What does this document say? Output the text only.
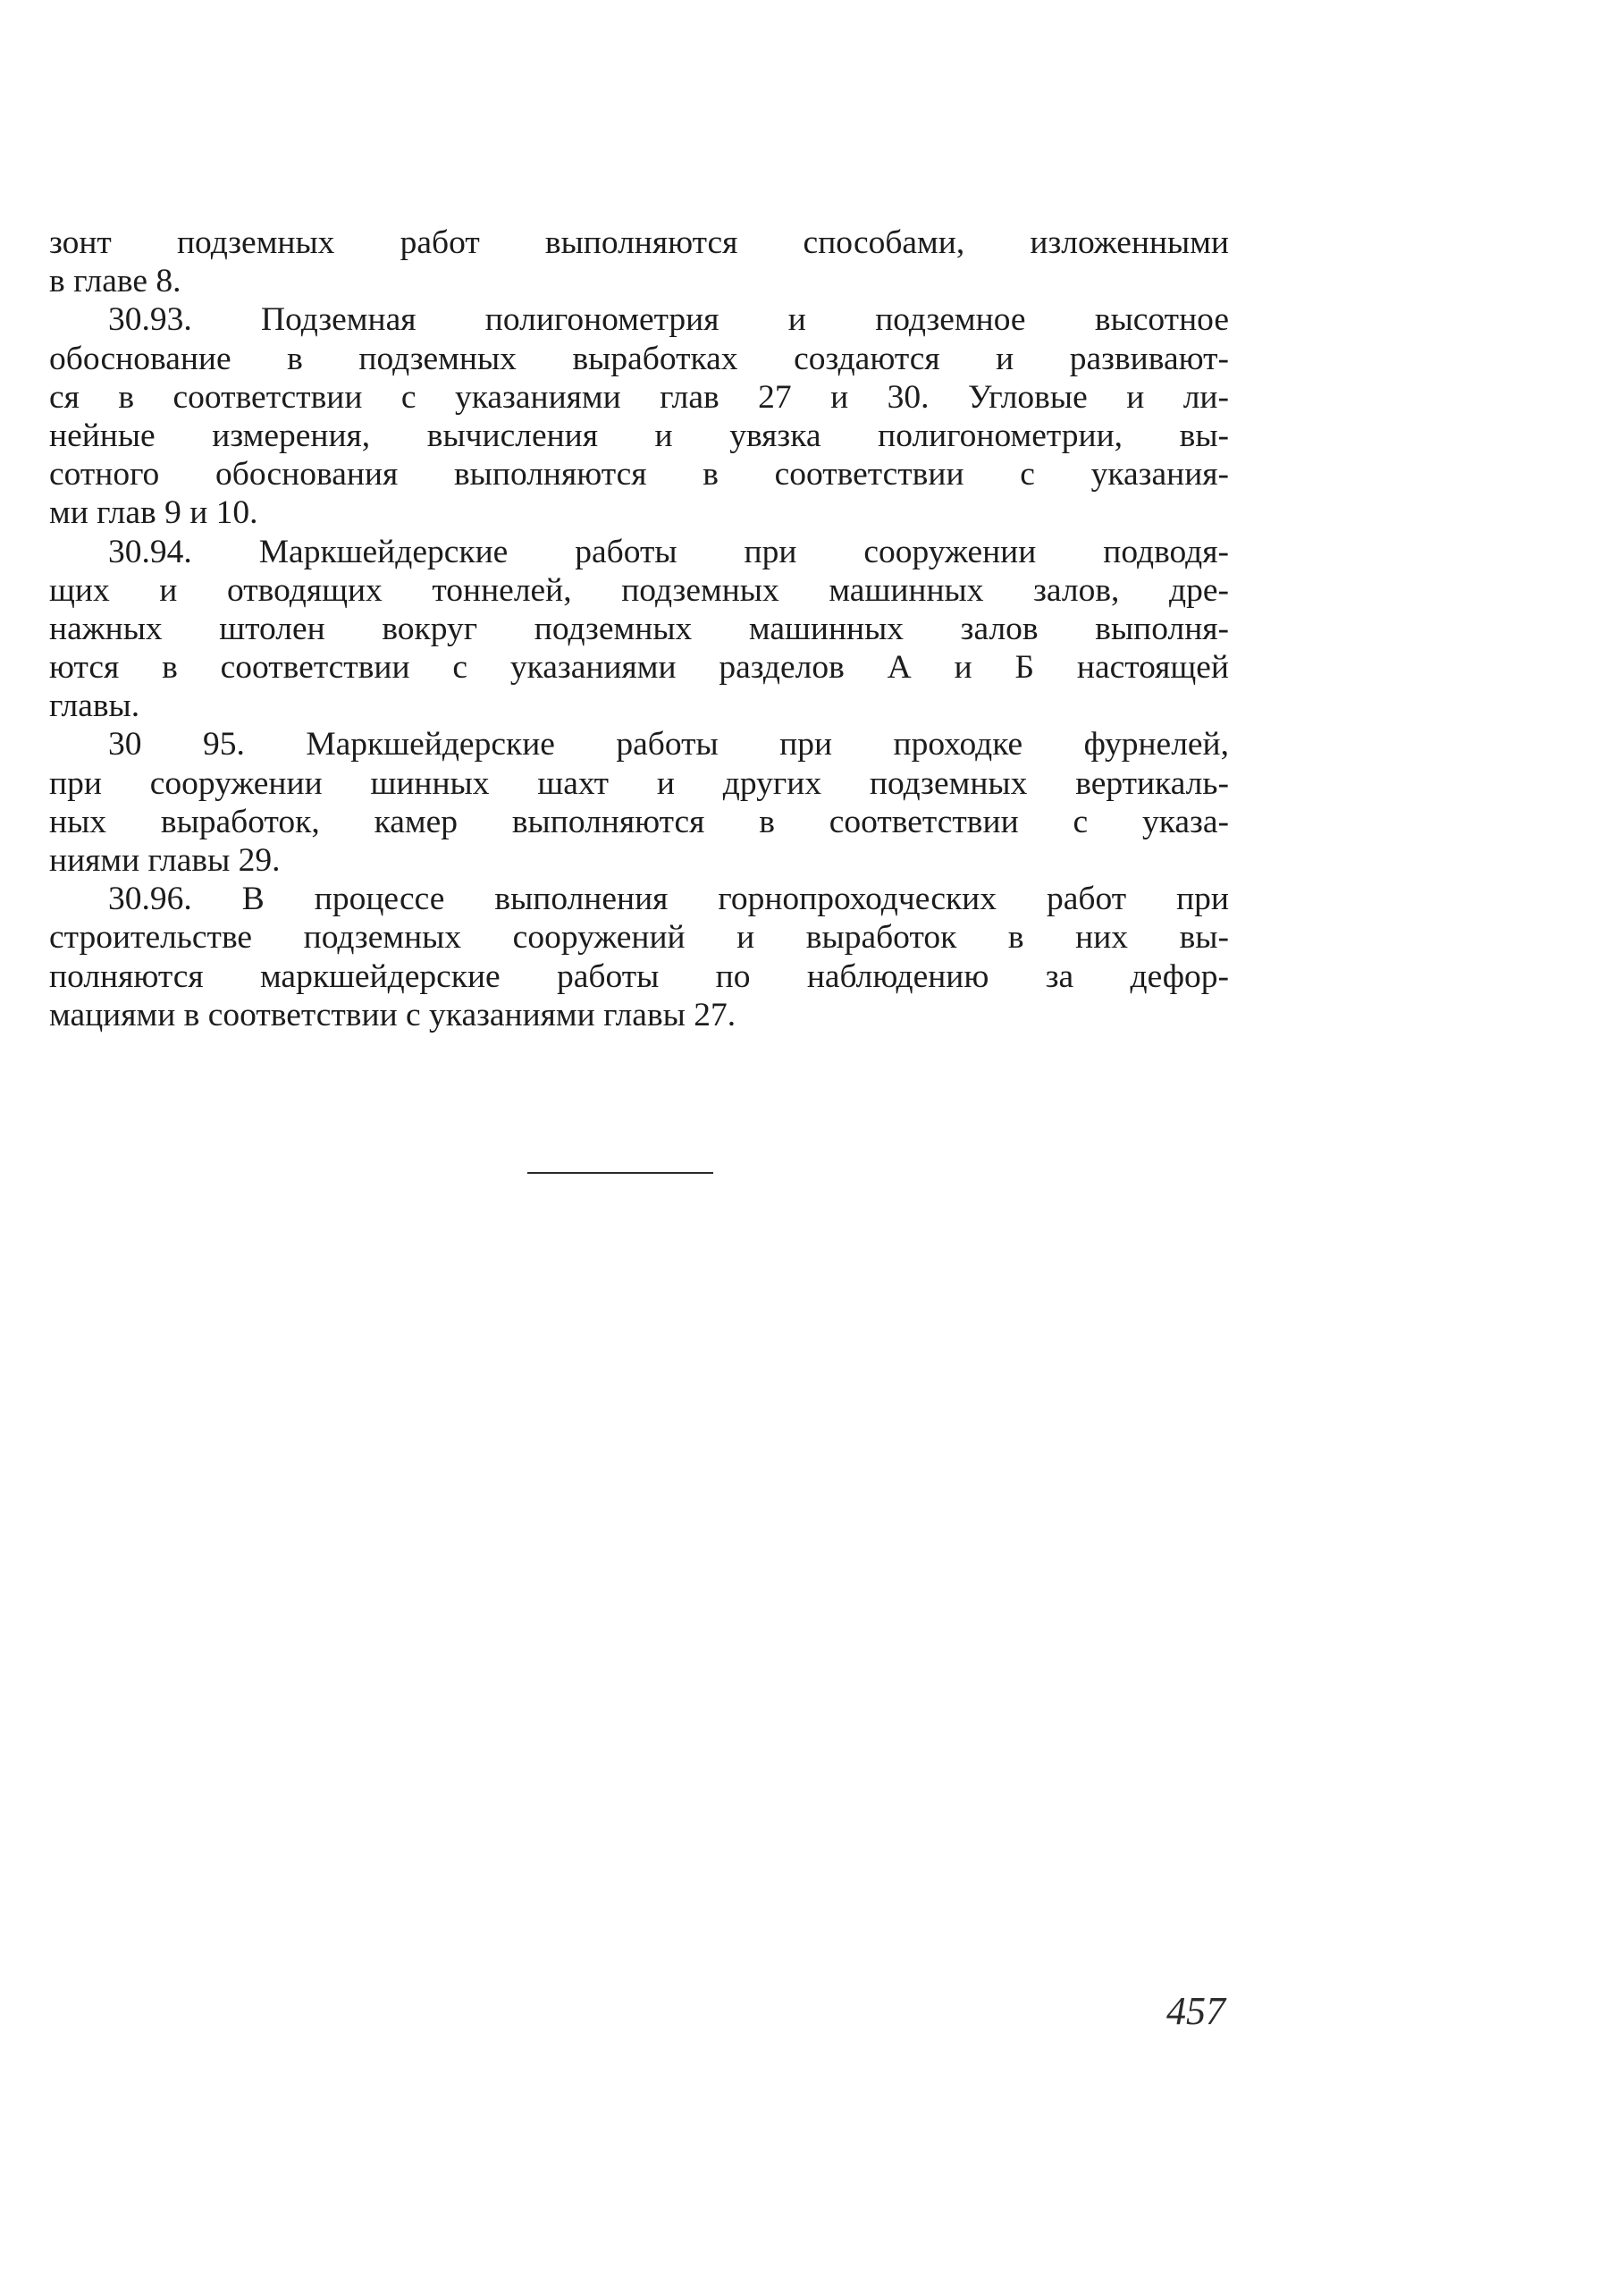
зонт подземных работ выполняются способами, изложенными
в главе 8.
30.93. Подземная полигонометрия и подземное высотное
обоснование в подземных выработках создаются и развивают-
ся в соответствии с указаниями глав 27 и 30. Угловые и ли-
нейные измерения, вычисления и увязка полигонометрии, вы-
сотного обоснования выполняются в соответствии с указания-
ми глав 9 и 10.
30.94. Маркшейдерские работы при сооружении подводя-
щих и отводящих тоннелей, подземных машинных залов, дре-
нажных штолен вокруг подземных машинных залов выполня-
ются в соответствии с указаниями разделов А и Б настоящей
главы.
30 95. Маркшейдерские работы при проходке фурнелей,
при сооружении шинных шахт и других подземных вертикаль-
ных выработок, камер выполняются в соответствии с указа-
ниями главы 29.
30.96. В процессе выполнения горнопроходческих работ при
строительстве подземных сооружений и выработок в них вы-
полняются маркшейдерские работы по наблюдению за дефор-
мациями в соответствии с указаниями главы 27.
457
